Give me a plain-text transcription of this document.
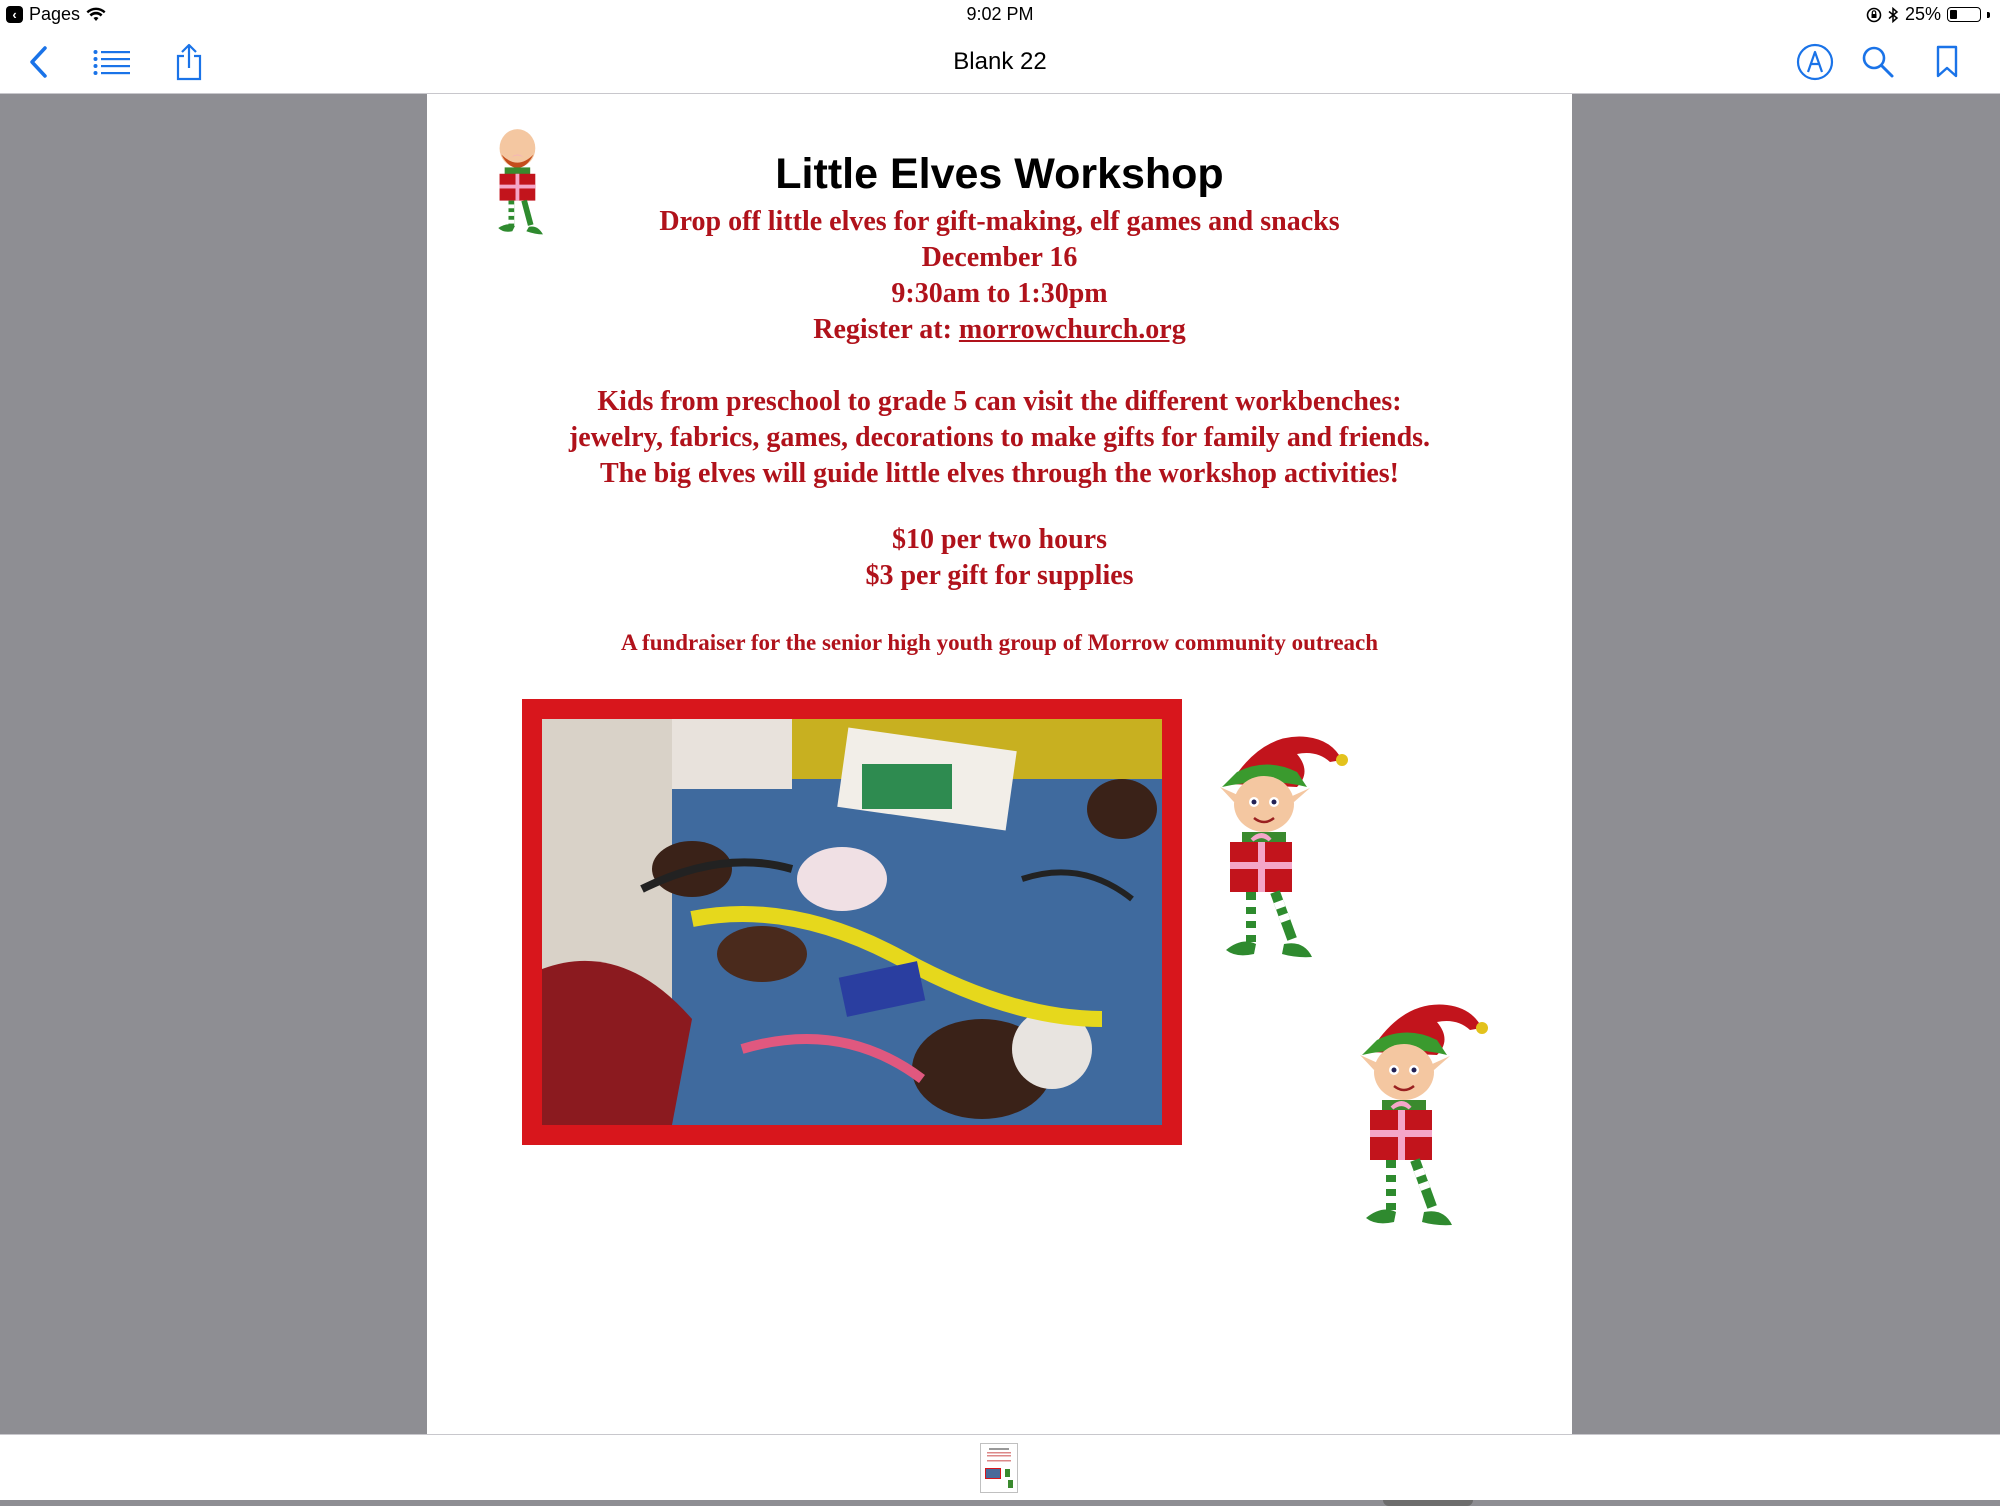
‹ Pages	9:02 PM	25%
Blank 22
Little Elves Workshop
Drop off little elves for gift-making, elf games and snacks
December 16
9:30am to 1:30pm
Register at: morrowchurch.org
Kids from preschool to grade 5 can visit the different workbenches:
jewelry, fabrics, games, decorations to make gifts for family and friends.
The big elves will guide little elves through the workshop activities!
$10 per two hours
$3 per gift for supplies
A fundraiser for the senior high youth group of Morrow community outreach
